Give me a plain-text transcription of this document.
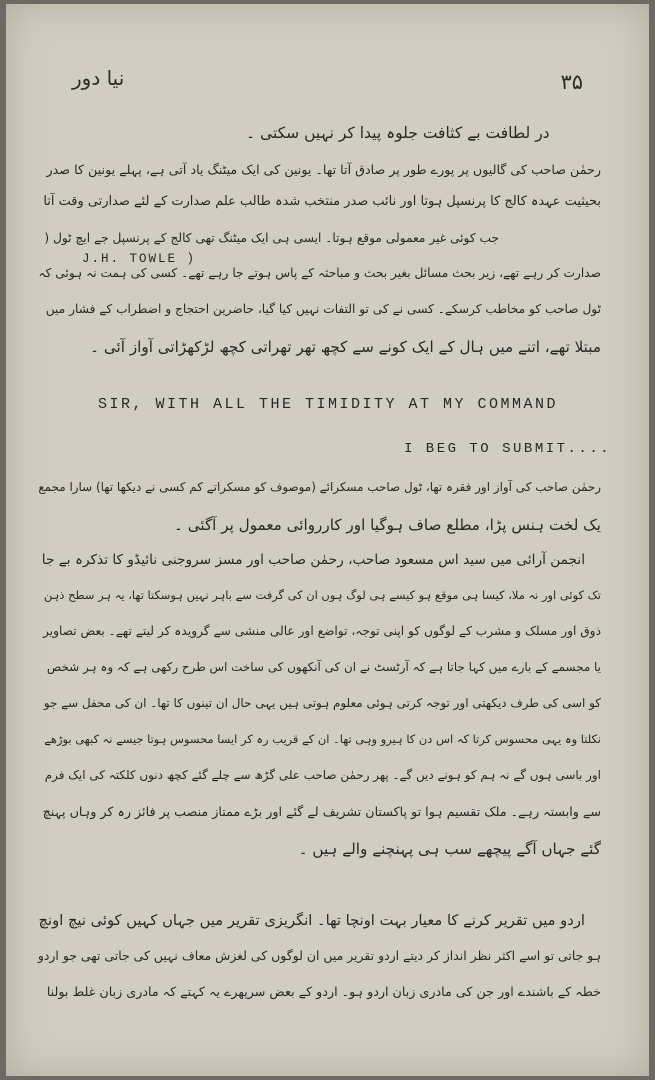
نیا دور	۳۵
در لطافت بے کثافت جلوہ پیدا کر نہیں سکتی ۔
رحمٰن صاحب کی گالیوں پر پورے طور پر صادق آتا تھا۔ یونین کی ایک میٹنگ یاد آتی ہے، پہلے یونین کا صدر
بحیثیت عہدہ کالج کا پرنسپل ہوتا اور نائب صدر منتخب شدہ طالب علم صدارت کے لئے صدارتی وقت آتا
جب کوئی غیر معمولی موقع ہوتا۔ ایسی ہی ایک میٹنگ تھی کالج کے پرنسپل جے ایچ ٹول (
J.H. TOWLE )
صدارت کر رہے تھے، زیر بحث مسائل بغیر بحث و مباحثہ کے پاس ہوتے جا رہے تھے۔ کسی کی ہمت نہ ہوئی کہ
ٹول صاحب کو مخاطب کرسکے۔ کسی نے کی تو التفات نہیں کیا گیا، حاضرین احتجاج و اضطراب کے فشار میں
مبتلا تھے، اتنے میں ہال کے ایک کونے سے کچھ تھر تھراتی کچھ لڑکھڑاتی آواز آئی ۔
SIR, WITH ALL THE TIMIDITY AT MY COMMAND
I BEG TO SUBMIT....
رحمٰن صاحب کی آواز اور فقرہ تھا، ٹول صاحب مسکرائے (موصوف کو مسکراتے کم کسی نے دیکھا تھا) سارا مجمع
یک لخت ہنس پڑا، مطلع صاف ہوگیا اور کارروائی معمول پر آگئی ۔
انجمن آرائی میں سید اس مسعود صاحب، رحمٰن صاحب اور مسز سروجنی نائیڈو کا تذکرہ بے جا
تک کوئی اور نہ ملا، کیسا ہی موقع ہو کیسے ہی لوگ ہوں ان کی گرفت سے باہر نہیں ہوسکتا تھا، یہ ہر سطح ذہن
ذوق اور مسلک و مشرب کے لوگوں کو اپنی توجہ، تواضع اور عالی منشی سے گرویدہ کر لیتے تھے۔ بعض تصاویر
یا مجسمے کے بارے میں کہا جاتا ہے کہ آرٹسٹ نے ان کی آنکھوں کی ساخت اس طرح رکھی ہے کہ وہ ہر شخص
کو اسی کی طرف دیکھتی اور توجہ کرتی ہوئی معلوم ہوتی ہیں یہی حال ان تینوں کا تھا۔ ان کی محفل سے جو
نکلتا وہ یہی محسوس کرتا کہ اس دن کا ہیرو وہی تھا۔ ان کے قریب رہ کر ایسا محسوس ہوتا جیسے نہ کبھی بوڑھے
اور باسی ہوں گے نہ ہم کو ہونے دیں گے۔ پھر رحمٰن صاحب علی گڑھ سے چلے گئے کچھ دنوں کلکتہ کی ایک فرم
سے وابستہ رہے۔ ملک تقسیم ہوا تو پاکستان تشریف لے گئے اور بڑے ممتاز منصب پر فائز رہ کر وہاں پہنچ
گئے جہاں آگے پیچھے سب ہی پہنچنے والے ہیں ۔
اردو میں تقریر کرنے کا معیار بہت اونچا تھا۔ انگریزی تقریر میں جہاں کہیں کوئی نیچ اونچ
ہو جاتی تو اسے اکثر نظر انداز کر دیتے اردو تقریر میں ان لوگوں کی لغزش معاف نہیں کی جاتی تھی جو اردو
خطہ کے باشندے اور جن کی مادری زبان اردو ہو۔ اردو کے بعض سرپھرے یہ کہتے کہ مادری زبان غلط بولنا
